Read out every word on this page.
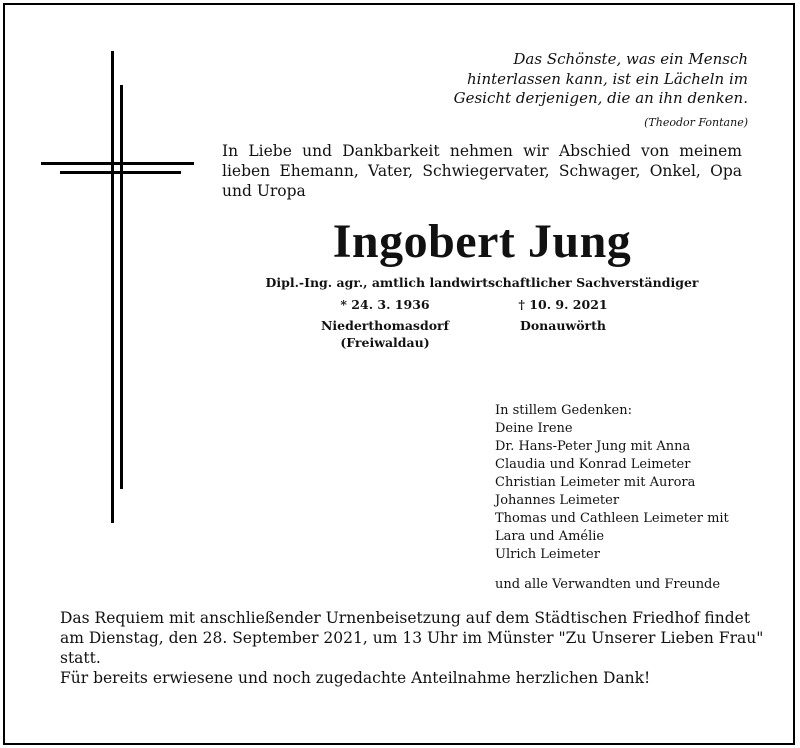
Das Schönste, was ein Mensch
hinterlassen kann, ist ein Lächeln im
Gesicht derjenigen, die an ihn denken.
(Theodor Fontane)
In Liebe und Dankbarkeit nehmen wir Abschied von meinem
lieben Ehemann, Vater, Schwiegervater, Schwager, Onkel, Opa
und Uropa
Ingobert Jung
Dipl.-Ing. agr., amtlich landwirtschaftlicher Sachverständiger
* 24. 3. 1936
Niederthomasdorf
(Freiwaldau)
† 10. 9. 2021
Donauwörth
In stillem Gedenken:
Deine Irene
Dr. Hans-Peter Jung mit Anna
Claudia und Konrad Leimeter
Christian Leimeter mit Aurora
Johannes Leimeter
Thomas und Cathleen Leimeter mit
Lara und Amélie
Ulrich Leimeter
und alle Verwandten und Freunde
Das Requiem mit anschließender Urnenbeisetzung auf dem Städtischen Friedhof findet
am Dienstag, den 28. September 2021, um 13 Uhr im Münster "Zu Unserer Lieben Frau"
statt.
Für bereits erwiesene und noch zugedachte Anteilnahme herzlichen Dank!
